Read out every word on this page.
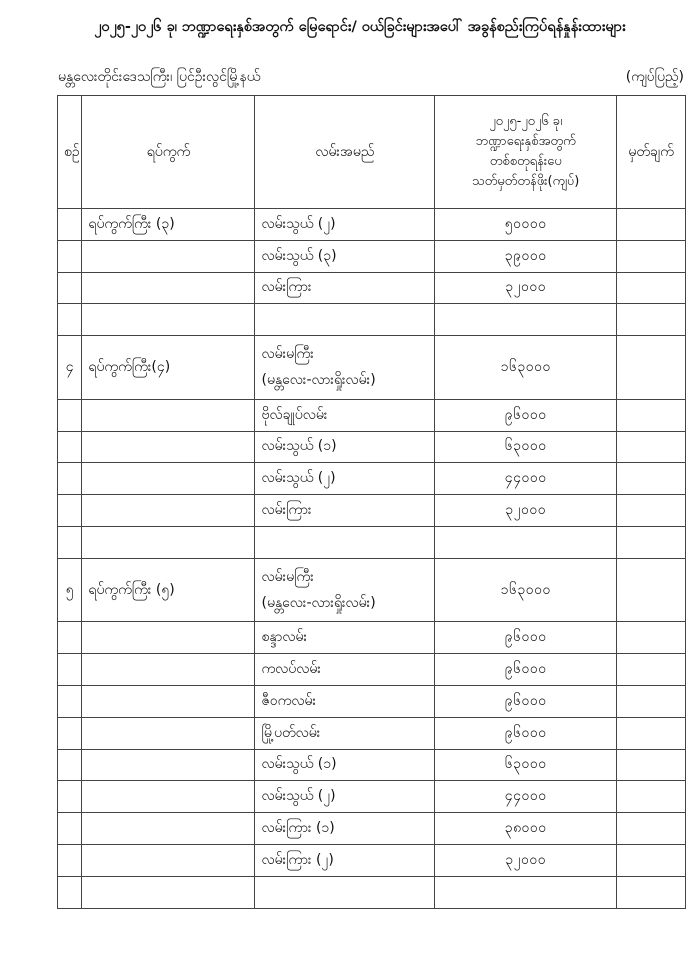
၂၀၂၅-၂၀၂၆ ခု၊ ဘဏ္ဍာရေးနှစ်အတွက် မြေရောင်း/ ဝယ်ခြင်းများအပေါ် အခွန်စည်းကြပ်ရန်နှုန်းထားများ
မန္တလေးတိုင်းဒေသကြီး၊ ပြင်ဦးလွင်မြို့နယ်	(ကျပ်ပြည့်)
စဉ်	ရပ်ကွက်	လမ်းအမည်	၂၀၂၅-၂၀၂၆ ခု၊
ဘဏ္ဍာရေးနှစ်အတွက်
တစ်စတုရန်းပေ
သတ်မှတ်တန်ဖိုး(ကျပ်)	မှတ်ချက်
	ရပ်ကွက်ကြီး (၃)	လမ်းသွယ် (၂)	၅၀၀၀၀	
		လမ်းသွယ် (၃)	၃၉၀၀၀	
		လမ်းကြား	၃၂၀၀၀	

၄	ရပ်ကွက်ကြီး(၄)	လမ်းမကြီး
(မန္တလေး-လားရှိုးလမ်း)	၁၆၃၀၀၀	
		ဗိုလ်ချုပ်လမ်း	၉၆၀၀၀	
		လမ်းသွယ် (၁)	၆၃၀၀၀	
		လမ်းသွယ် (၂)	၄၄၀၀၀	
		လမ်းကြား	၃၂၀၀၀	

၅	ရပ်ကွက်ကြီး (၅)	လမ်းမကြီး
(မန္တလေး-လားရှိုးလမ်း)	၁၆၃၀၀၀	
		စန္ဒာလမ်း	၉၆၀၀၀	
		ကလပ်လမ်း	၉၆၀၀၀	
		ဇီဝကလမ်း	၉၆၀၀၀	
		မြို့ပတ်လမ်း	၉၆၀၀၀	
		လမ်းသွယ် (၁)	၆၃၀၀၀	
		လမ်းသွယ် (၂)	၄၄၀၀၀	
		လမ်းကြား (၁)	၃၈၀၀၀	
		လမ်းကြား (၂)	၃၂၀၀၀	
